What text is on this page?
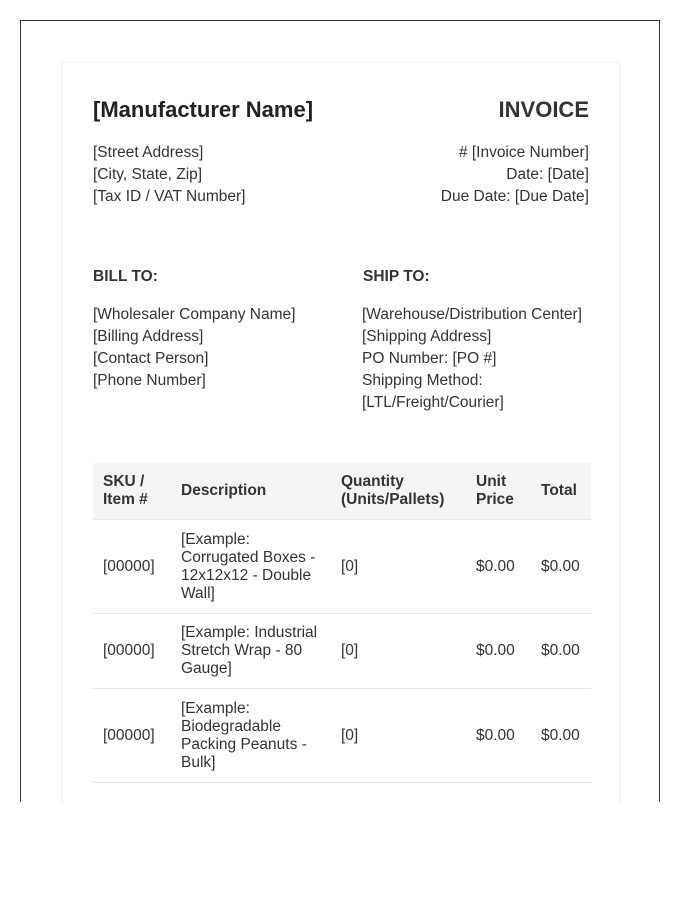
[Manufacturer Name]	INVOICE
[Street Address]
[City, State, Zip]
[Tax ID / VAT Number]
# [Invoice Number]
Date: [Date]
Due Date: [Due Date]
BILL TO:	SHIP TO:
[Wholesaler Company Name]
[Billing Address]
[Contact Person]
[Phone Number]
[Warehouse/Distribution Center]
[Shipping Address]
PO Number: [PO #]
Shipping Method:
[LTL/Freight/Courier]
SKU / Item #	Description	Quantity (Units/Pallets)	Unit Price	Total
[00000]	[Example: Corrugated Boxes - 12x12x12 - Double Wall]	[0]	$0.00	$0.00
[00000]	[Example: Industrial Stretch Wrap - 80 Gauge]	[0]	$0.00	$0.00
[00000]	[Example: Biodegradable Packing Peanuts - Bulk]	[0]	$0.00	$0.00
